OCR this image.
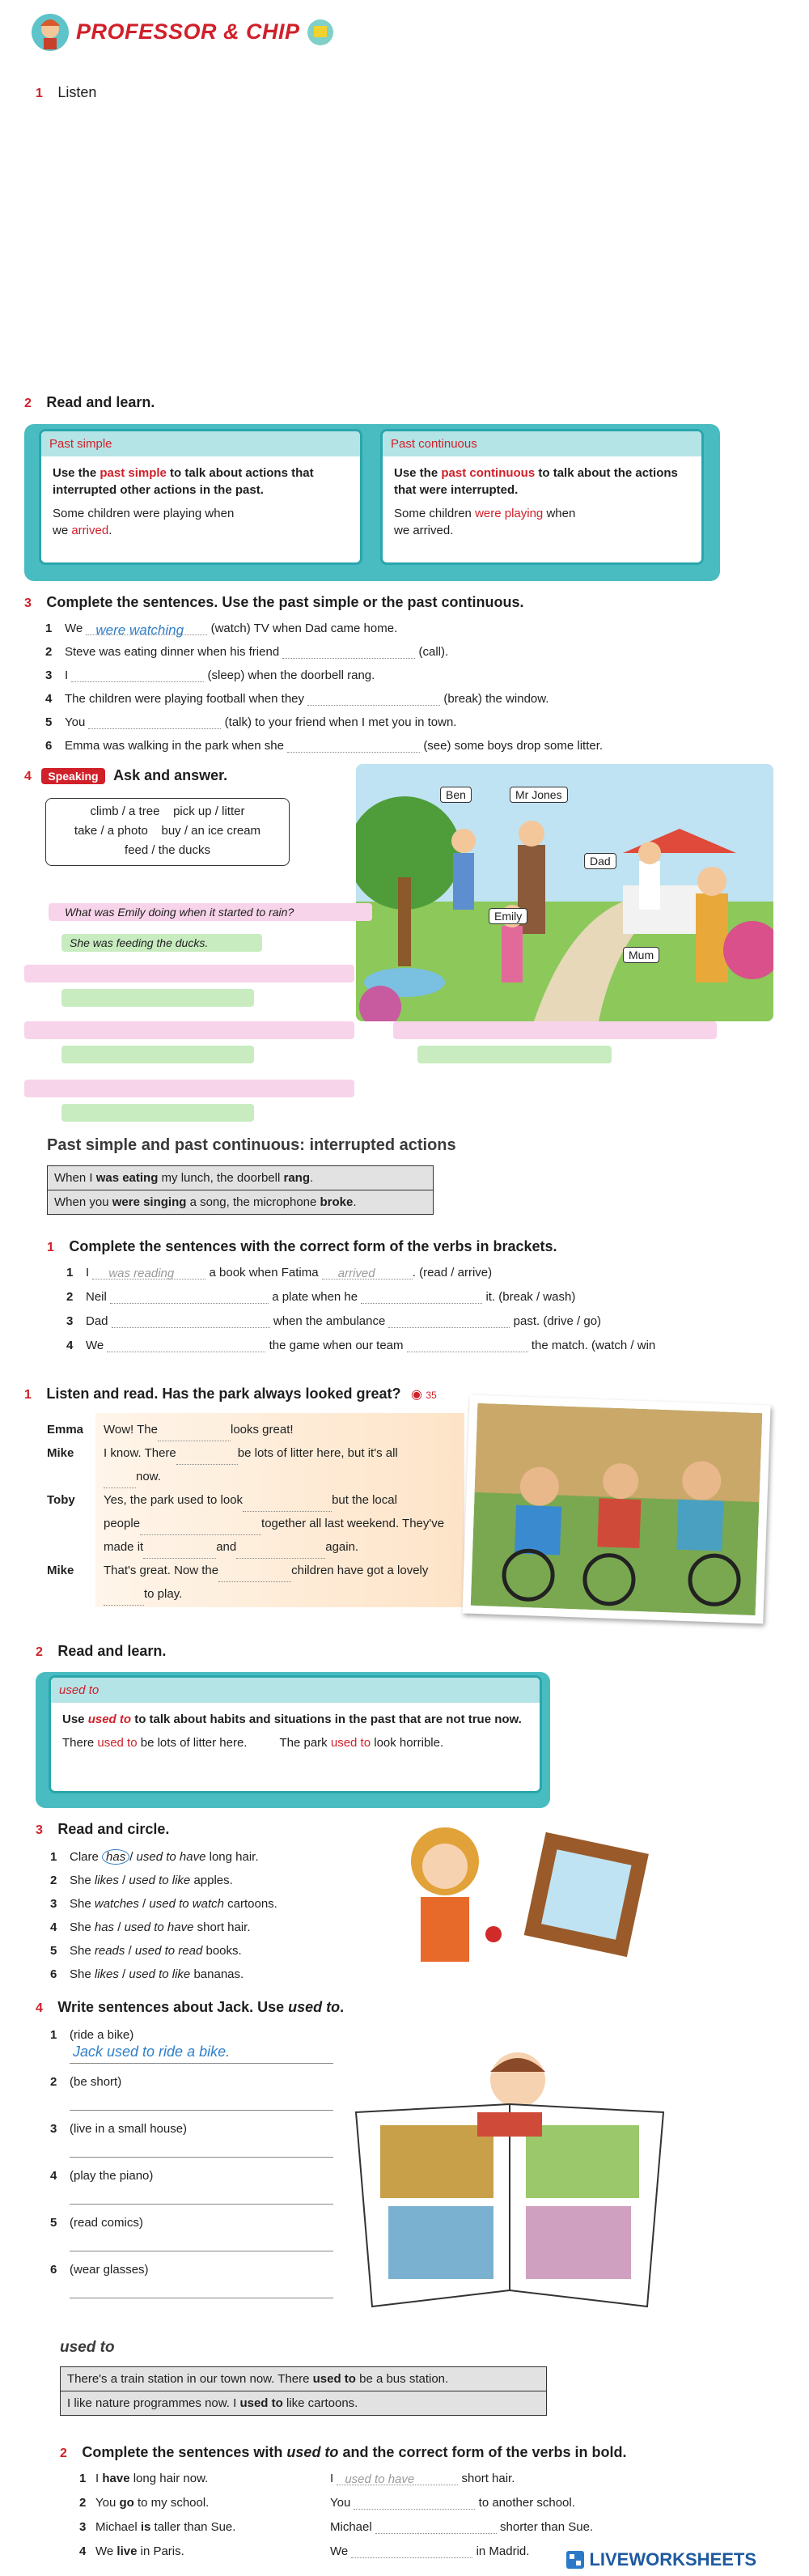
PROFESSOR & CHIP
1 Listen
2 Read and learn.
Past simple
Use the past simple to talk about actions that interrupted other actions in the past.
Some children were playing when
we arrived.
Past continuous
Use the past continuous to talk about the actions that were interrupted.
Some children were playing when
we arrived.
3 Complete the sentences. Use the past simple or the past continuous.
1 We were watching (watch) TV when Dad came home.
2 Steve was eating dinner when his friend	(call).
3 I	(sleep) when the doorbell rang.
4 The children were playing football when they	(break) the window.
5 You	(talk) to your friend when I met you in town.
6 Emma was walking in the park when she	(see) some boys drop some litter.
4 Speaking Ask and answer.
climb / a tree    pick up / litter
take / a photo    buy / an ice cream
feed / the ducks
Ben	Mr Jones
Dad
Emily
Mum
What was Emily doing when it started to rain?
She was feeding the ducks.
Past simple and past continuous: interrupted actions
When I was eating my lunch, the doorbell rang.
When you were singing a song, the microphone broke.
1 Complete the sentences with the correct form of the verbs in brackets.
1 I was reading	a book when Fatima arrived	. (read / arrive)
2 Neil	a plate when he	it. (break / wash)
3 Dad	when the ambulance	past. (drive / go)
4 We	the game when our team	the match. (watch / win
1 Listen and read. Has the park always looked great? ◉ 35
Emma Wow! The	looks great!
Mike I know. There	be lots of litter here, but it's all
now.
Toby Yes, the park used to look	but the local
people	together all last weekend. They've
made it	and	again.
Mike That's great. Now the	children have got a lovely
to play.
2 Read and learn.
used to
Use used to to talk about habits and situations in the past that are not true now.
There used to be lots of litter here.	The park used to look horrible.
3 Read and circle.
1 Clare has / used to have long hair.
2 She likes / used to like apples.
3 She watches / used to watch cartoons.
4 She has / used to have short hair.
5 She reads / used to read books.
6 She likes / used to like bananas.
4 Write sentences about Jack. Use used to.
1 (ride a bike)
Jack used to ride a bike.
2 (be short)
3 (live in a small house)
4 (play the piano)
5 (read comics)
6 (wear glasses)
used to
There's a train station in our town now. There used to be a bus station.
I like nature programmes now. I used to like cartoons.
2 Complete the sentences with used to and the correct form of the verbs in bold.
1 I have long hair now.	I used to have	short hair.
2 You go to my school.	You	to another school.
3 Michael is taller than Sue.	Michael	shorter than Sue.
4 We live in Paris.	We	in Madrid.	LIVEWORKSHEETS
